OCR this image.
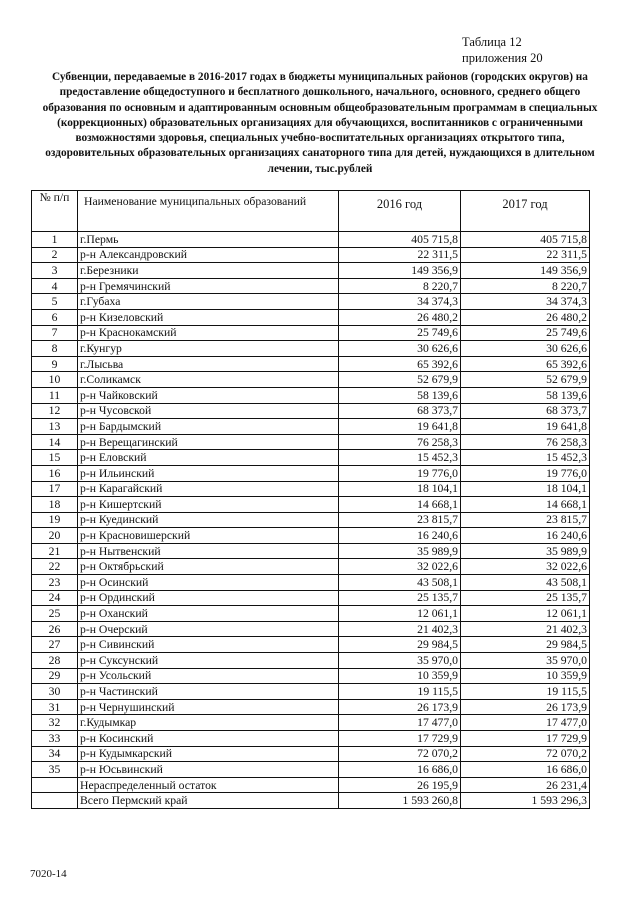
Таблица 12
приложения 20
Субвенции, передаваемые в 2016-2017 годах в бюджеты муниципальных районов (городских округов) на предоставление общедоступного и бесплатного дошкольного, начального, основного, среднего общего образования по основным и адаптированным основным общеобразовательным программам в специальных (коррекционных) образовательных организациях для обучающихся, воспитанников с ограниченными возможностями здоровья, специальных учебно-воспитательных организациях открытого типа, оздоровительных образовательных организациях санаторного типа для детей, нуждающихся в длительном лечении, тыс.рублей
№ п/п	Наименование муниципальных образований	2016 год	2017 год
1	г.Пермь	405 715,8	405 715,8
2	р-н Александровский	22 311,5	22 311,5
3	г.Березники	149 356,9	149 356,9
4	р-н Гремячинский	8 220,7	8 220,7
5	г.Губаха	34 374,3	34 374,3
6	р-н Кизеловский	26 480,2	26 480,2
7	р-н Краснокамский	25 749,6	25 749,6
8	г.Кунгур	30 626,6	30 626,6
9	г.Лысьва	65 392,6	65 392,6
10	г.Соликамск	52 679,9	52 679,9
11	р-н Чайковский	58 139,6	58 139,6
12	р-н Чусовской	68 373,7	68 373,7
13	р-н Бардымский	19 641,8	19 641,8
14	р-н Верещагинский	76 258,3	76 258,3
15	р-н Еловский	15 452,3	15 452,3
16	р-н Ильинский	19 776,0	19 776,0
17	р-н Карагайский	18 104,1	18 104,1
18	р-н Кишертский	14 668,1	14 668,1
19	р-н Куединский	23 815,7	23 815,7
20	р-н Красновишерский	16 240,6	16 240,6
21	р-н Нытвенский	35 989,9	35 989,9
22	р-н Октябрьский	32 022,6	32 022,6
23	р-н Осинский	43 508,1	43 508,1
24	р-н Ординский	25 135,7	25 135,7
25	р-н Оханский	12 061,1	12 061,1
26	р-н Очерский	21 402,3	21 402,3
27	р-н Сивинский	29 984,5	29 984,5
28	р-н Суксунский	35 970,0	35 970,0
29	р-н Усольский	10 359,9	10 359,9
30	р-н Частинский	19 115,5	19 115,5
31	р-н Чернушинский	26 173,9	26 173,9
32	г.Кудымкар	17 477,0	17 477,0
33	р-н Косинский	17 729,9	17 729,9
34	р-н Кудымкарский	72 070,2	72 070,2
35	р-н Юсьвинский	16 686,0	16 686,0
	Нераспределенный остаток	26 195,9	26 231,4
	Всего Пермский край	1 593 260,8	1 593 296,3
7020-14
